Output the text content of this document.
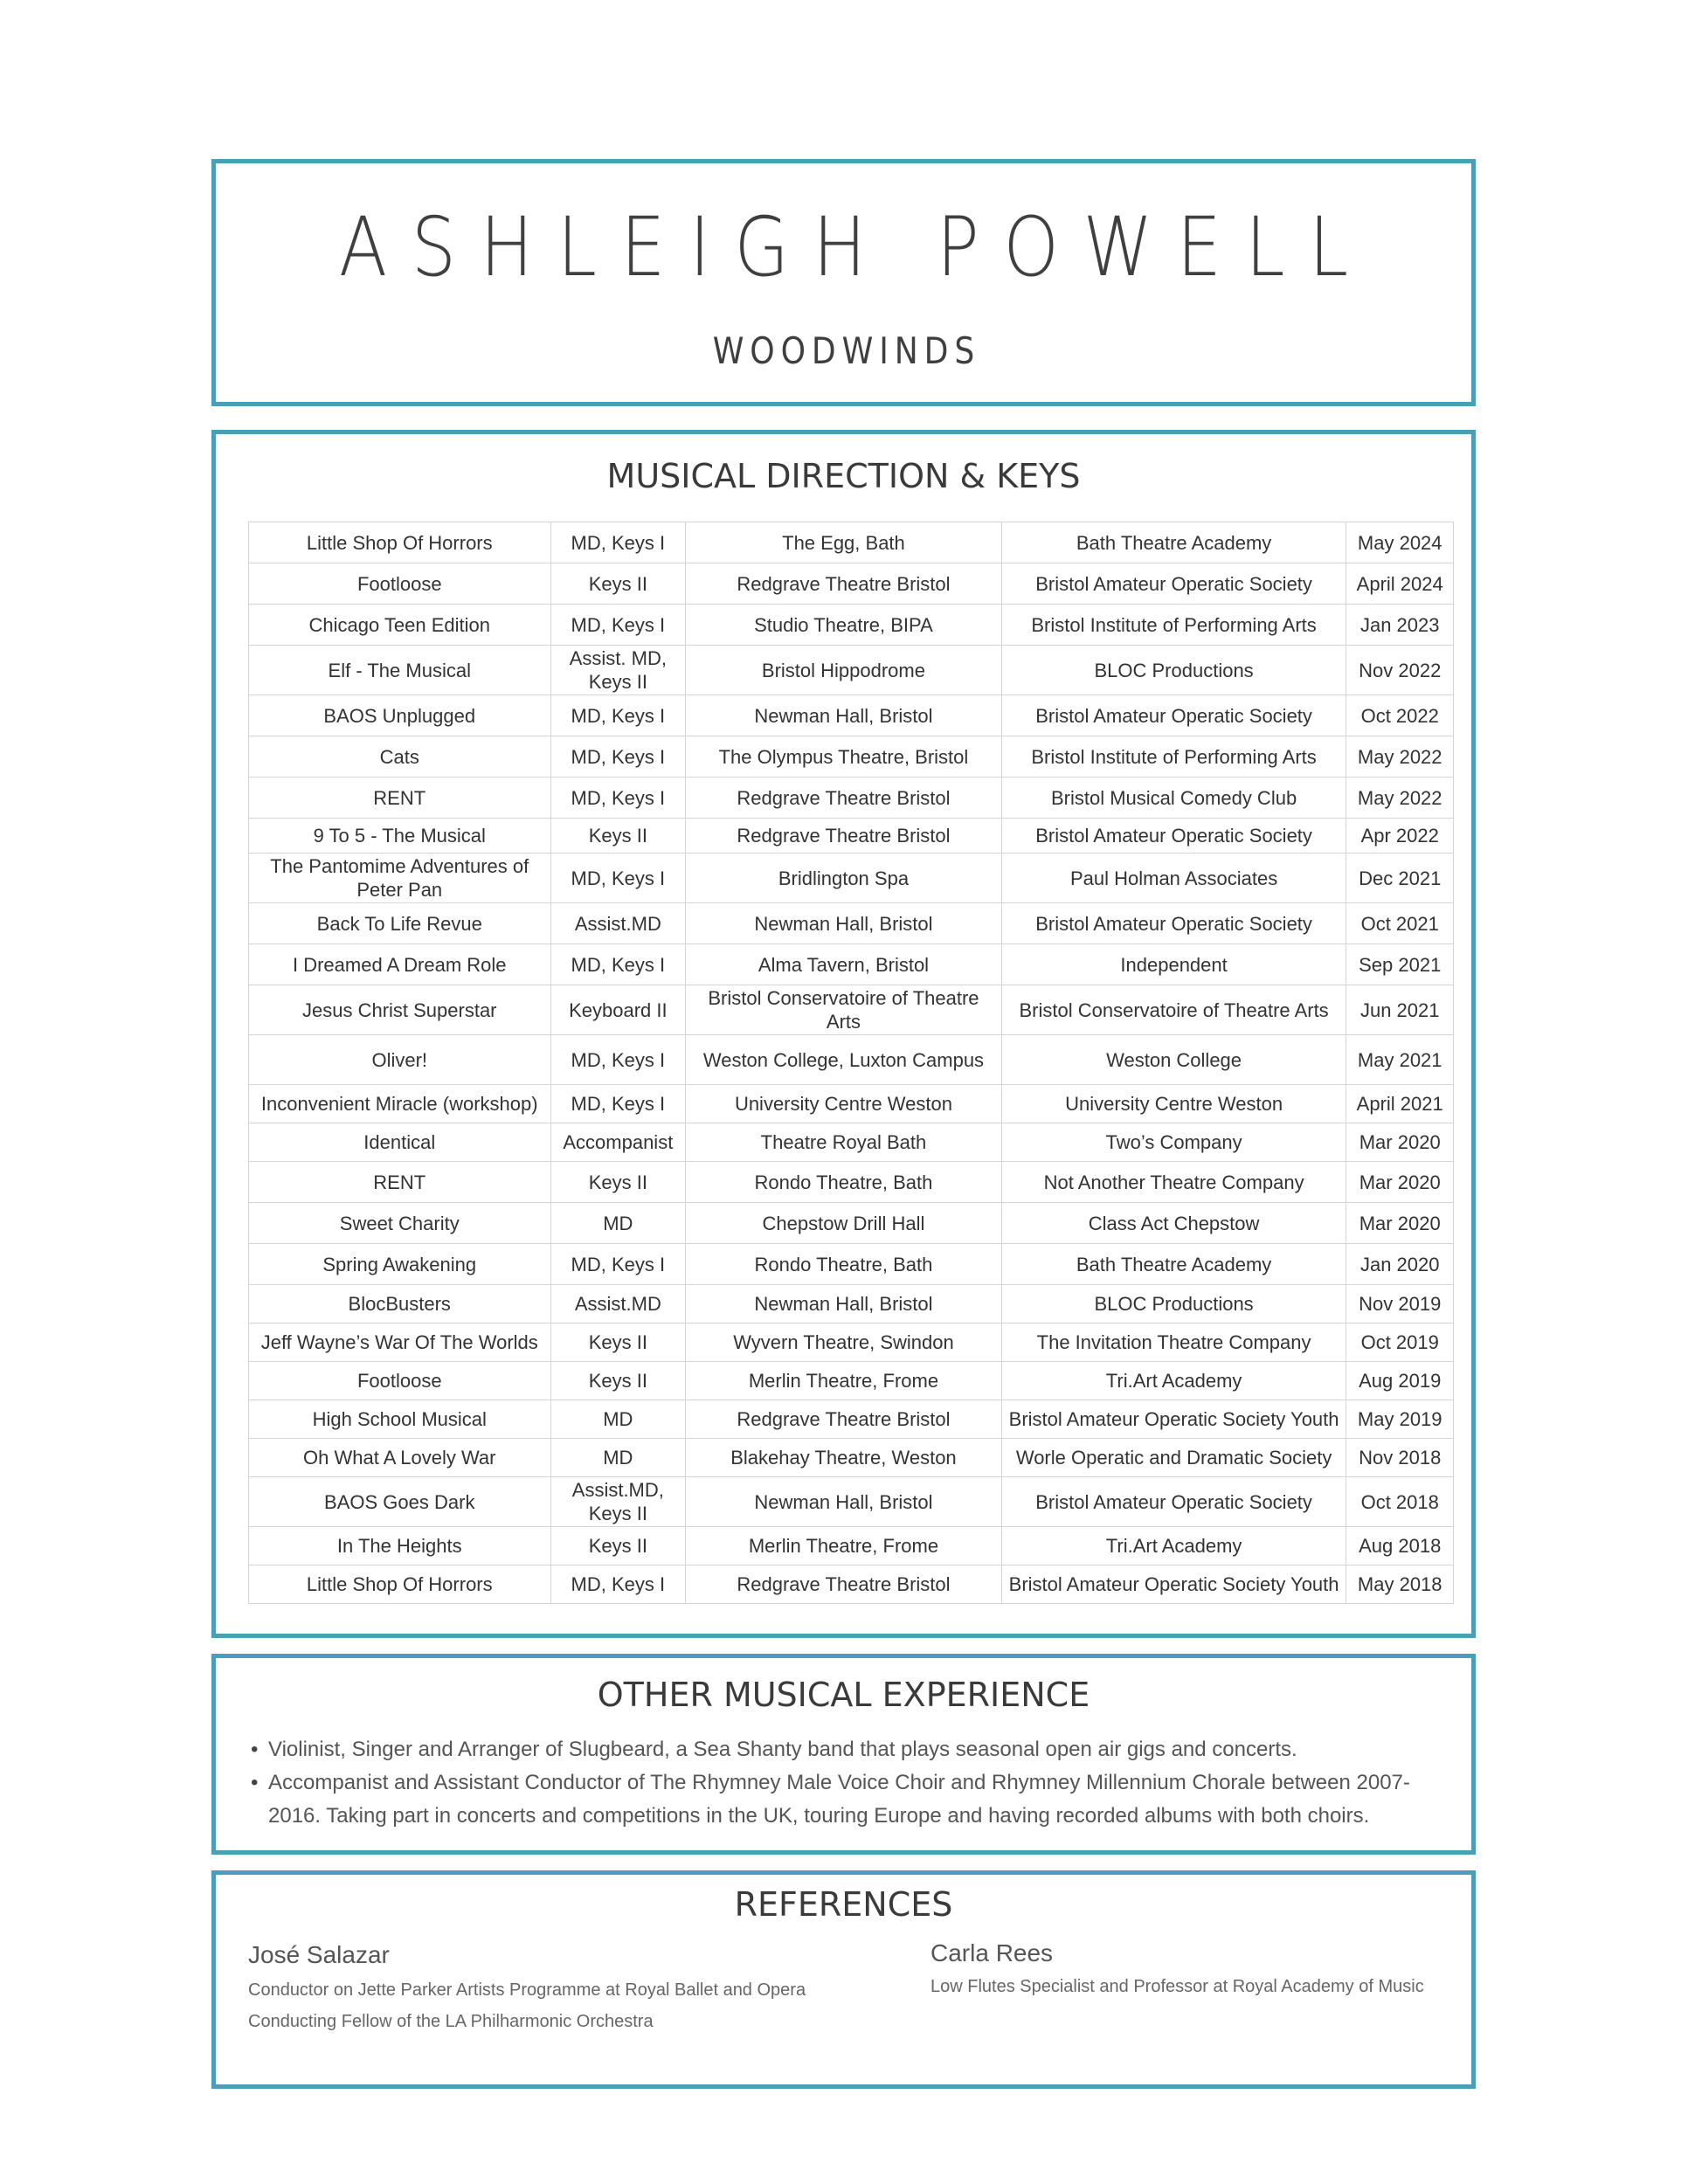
ASHLEIGH POWELL
WOODWINDS
MUSICAL DIRECTION & KEYS
Little Shop Of Horrors	MD, Keys I	The Egg, Bath	Bath Theatre Academy	May 2024
Footloose	Keys II	Redgrave Theatre Bristol	Bristol Amateur Operatic Society	April 2024
Chicago Teen Edition	MD, Keys I	Studio Theatre, BIPA	Bristol Institute of Performing Arts	Jan 2023
Elf - The Musical	Assist. MD, Keys II	Bristol Hippodrome	BLOC Productions	Nov 2022
BAOS Unplugged	MD, Keys I	Newman Hall, Bristol	Bristol Amateur Operatic Society	Oct 2022
Cats	MD, Keys I	The Olympus Theatre, Bristol	Bristol Institute of Performing Arts	May 2022
RENT	MD, Keys I	Redgrave Theatre Bristol	Bristol Musical Comedy Club	May 2022
9 To 5 - The Musical	Keys II	Redgrave Theatre Bristol	Bristol Amateur Operatic Society	Apr 2022
The Pantomime Adventures of Peter Pan	MD, Keys I	Bridlington Spa	Paul Holman Associates	Dec 2021
Back To Life Revue	Assist.MD	Newman Hall, Bristol	Bristol Amateur Operatic Society	Oct 2021
I Dreamed A Dream Role	MD, Keys I	Alma Tavern, Bristol	Independent	Sep 2021
Jesus Christ Superstar	Keyboard II	Bristol Conservatoire of Theatre Arts	Bristol Conservatoire of Theatre Arts	Jun 2021
Oliver!	MD, Keys I	Weston College, Luxton Campus	Weston College	May 2021
Inconvenient Miracle (workshop)	MD, Keys I	University Centre Weston	University Centre Weston	April 2021
Identical	Accompanist	Theatre Royal Bath	Two’s Company	Mar 2020
RENT	Keys II	Rondo Theatre, Bath	Not Another Theatre Company	Mar 2020
Sweet Charity	MD	Chepstow Drill Hall	Class Act Chepstow	Mar 2020
Spring Awakening	MD, Keys I	Rondo Theatre, Bath	Bath Theatre Academy	Jan 2020
BlocBusters	Assist.MD	Newman Hall, Bristol	BLOC Productions	Nov 2019
Jeff Wayne’s War Of The Worlds	Keys II	Wyvern Theatre, Swindon	The Invitation Theatre Company	Oct 2019
Footloose	Keys II	Merlin Theatre, Frome	Tri.Art Academy	Aug 2019
High School Musical	MD	Redgrave Theatre Bristol	Bristol Amateur Operatic Society Youth	May 2019
Oh What A Lovely War	MD	Blakehay Theatre, Weston	Worle Operatic and Dramatic Society	Nov 2018
BAOS Goes Dark	Assist.MD, Keys II	Newman Hall, Bristol	Bristol Amateur Operatic Society	Oct 2018
In The Heights	Keys II	Merlin Theatre, Frome	Tri.Art Academy	Aug 2018
Little Shop Of Horrors	MD, Keys I	Redgrave Theatre Bristol	Bristol Amateur Operatic Society Youth	May 2018
OTHER MUSICAL EXPERIENCE
• Violinist, Singer and Arranger of Slugbeard, a Sea Shanty band that plays seasonal open air gigs and concerts.
• Accompanist and Assistant Conductor of The Rhymney Male Voice Choir and Rhymney Millennium Chorale between 2007-2016. Taking part in concerts and competitions in the UK, touring Europe and having recorded albums with both choirs.
REFERENCES
José Salazar
Conductor on Jette Parker Artists Programme at Royal Ballet and Opera
Conducting Fellow of the LA Philharmonic Orchestra
Carla Rees
Low Flutes Specialist and Professor at Royal Academy of Music
